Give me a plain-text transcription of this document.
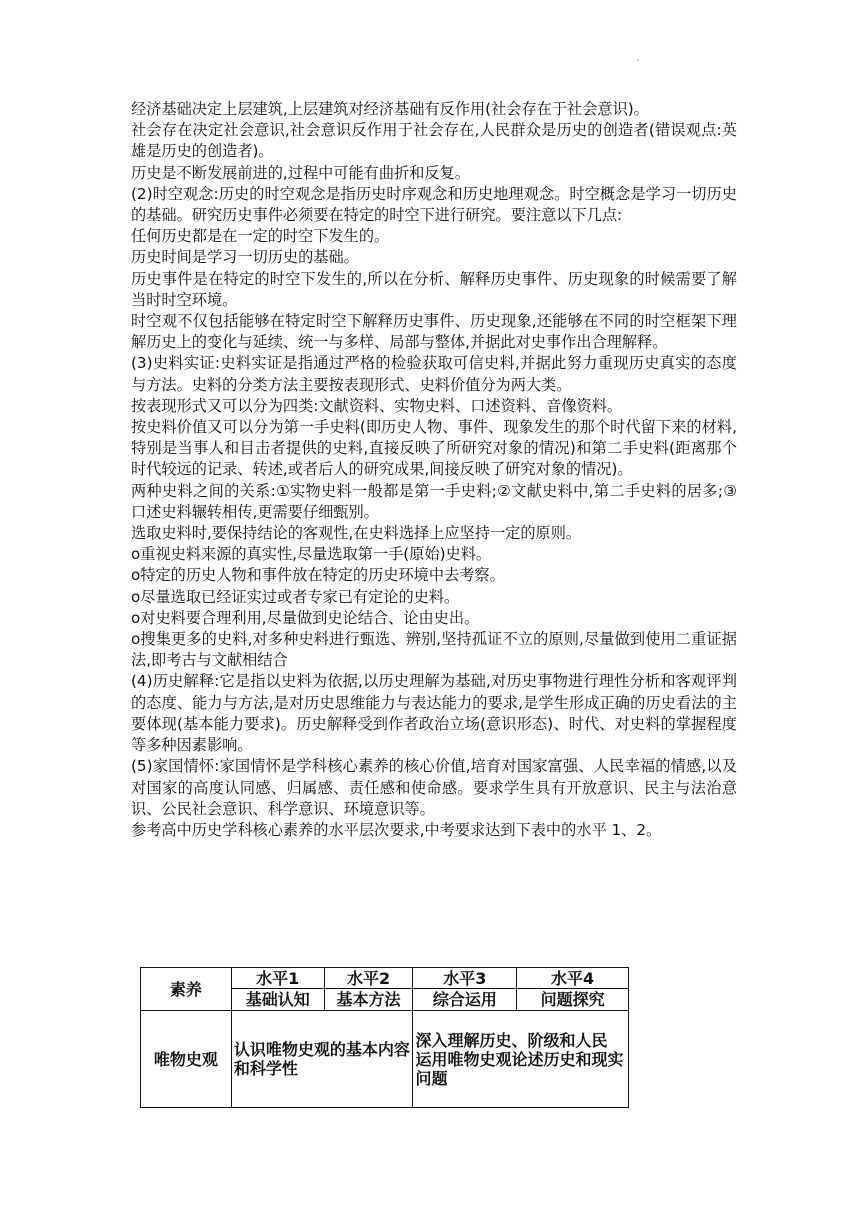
·

经济基础决定上层建筑,上层建筑对经济基础有反作用(社会存在于社会意识)。

社会存在决定社会意识,社会意识反作用于社会存在,人民群众是历史的创造者(错误观点:英雄是历史的创造者)。

历史是不断发展前进的,过程中可能有曲折和反复。

(2)时空观念:历史的时空观念是指历史时序观念和历史地理观念。时空概念是学习一切历史的基础。研究历史事件必须要在特定的时空下进行研究。要注意以下几点:

任何历史都是在一定的时空下发生的。

历史时间是学习一切历史的基础。

历史事件是在特定的时空下发生的,所以在分析、解释历史事件、历史现象的时候需要了解当时时空环境。

时空观不仅包括能够在特定时空下解释历史事件、历史现象,还能够在不同的时空框架下理解历史上的变化与延续、统一与多样、局部与整体,并据此对史事作出合理解释。

(3)史料实证:史料实证是指通过严格的检验获取可信史料,并据此努力重现历史真实的态度与方法。史料的分类方法主要按表现形式、史料价值分为两大类。

按表现形式又可以分为四类:文献资料、实物史料、口述资料、音像资料。

按史料价值又可以分为第一手史料(即历史人物、事件、现象发生的那个时代留下来的材料,特别是当事人和目击者提供的史料,直接反映了所研究对象的情况)和第二手史料(距离那个时代较远的记录、转述,或者后人的研究成果,间接反映了研究对象的情况)。

两种史料之间的关系:①实物史料一般都是第一手史料;②文献史料中,第二手史料的居多;③口述史料辗转相传,更需要仔细甄别。

选取史料时,要保持结论的客观性,在史料选择上应坚持一定的原则。

o重视史料来源的真实性,尽量选取第一手(原始)史料。

o特定的历史人物和事件放在特定的历史环境中去考察。

o尽量选取已经证实过或者专家已有定论的史料。

o对史料要合理利用,尽量做到史论结合、论由史出。

o搜集更多的史料,对多种史料进行甄选、辨别,坚持孤证不立的原则,尽量做到使用二重证据法,即考古与文献相结合

(4)历史解释:它是指以史料为依据,以历史理解为基础,对历史事物进行理性分析和客观评判的态度、能力与方法,是对历史思维能力与表达能力的要求,是学生形成正确的历史看法的主要体现(基本能力要求)。历史解释受到作者政治立场(意识形态)、时代、对史料的掌握程度等多种因素影响。

(5)家国情怀:家国情怀是学科核心素养的核心价值,培育对国家富强、人民幸福的情感,以及对国家的高度认同感、归属感、责任感和使命感。要求学生具有开放意识、民主与法治意识、公民社会意识、科学意识、环境意识等。

参考高中历史学科核心素养的水平层次要求,中考要求达到下表中的水平 1、2。

素养	水平1	水平2	水平3	水平4
	基础认知	基本方法	综合运用	问题探究
唯物史观	认识唯物史观的基本内容和科学性		深入理解历史、阶级和人民
运用唯物史观论述历史和现实问题	
